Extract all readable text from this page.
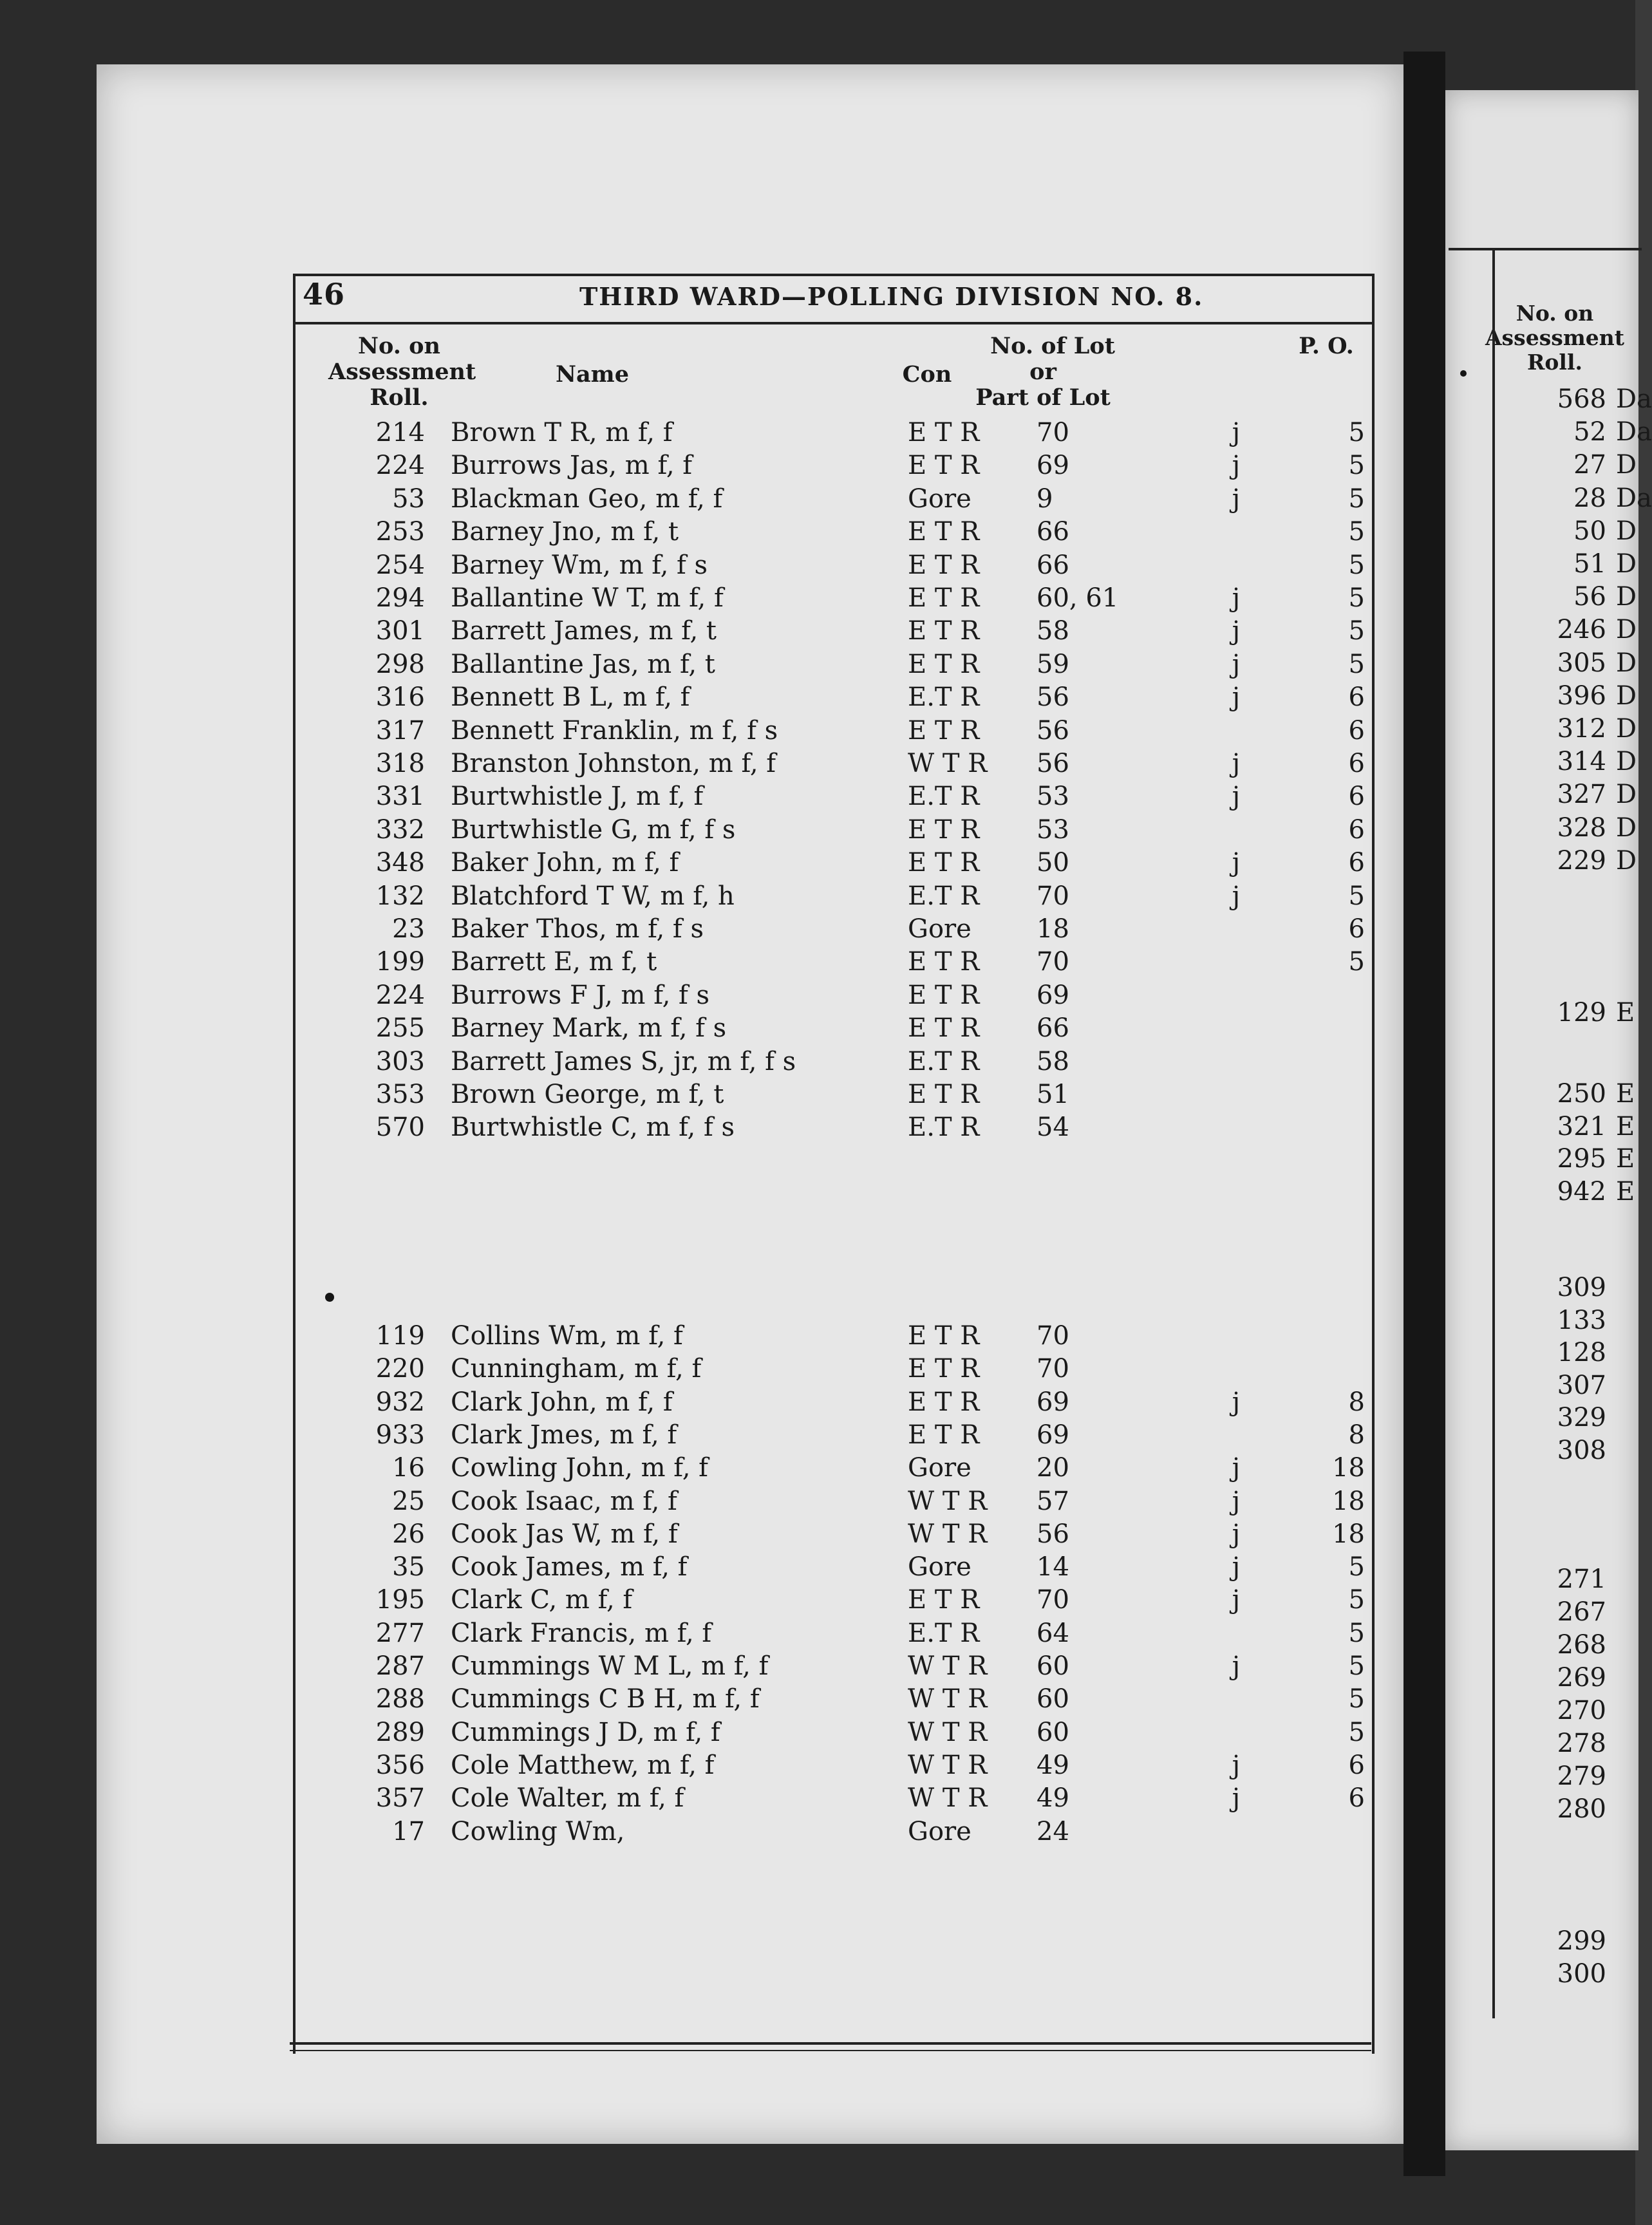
46	THIRD WARD—POLLING DIVISION NO. 8.
No. on
Assessment
Roll.
Name	Con
No. of Lot
or
Part of Lot
P. O.
214 Brown T R, m f, f	E T R 70	j	5
224 Burrows Jas, m f, f	E T R 69	j	5
53 Blackman Geo, m f, f	Gore	9	j	5
253 Barney Jno, m f, t	E T R 66	5
254 Barney Wm, m f, f s	E T R 66	5
294 Ballantine W T, m f, f	E T R 60, 61	j	5
301 Barrett James, m f, t	E T R 58	j	5
298 Ballantine Jas, m f, t	E T R 59	j	5
316 Bennett B L, m f, f	E.T R 56	j	6
317 Bennett Franklin, m f, f s	E T R 56	6
318 Branston Johnston, m f, f	W T R 56	j	6
331 Burtwhistle J, m f, f	E.T R 53	j	6
332 Burtwhistle G, m f, f s	E T R 53	6
348 Baker John, m f, f	E T R 50	j	6
132 Blatchford T W, m f, h	E.T R 70	j	5
23 Baker Thos, m f, f s	Gore	18	6
199 Barrett E, m f, t	E T R 70	5
224 Burrows F J, m f, f s	E T R 69
255 Barney Mark, m f, f s	E T R 66
303 Barrett James S, jr, m f, f s	E.T R 58
353 Brown George, m f, t	E T R 51
570 Burtwhistle C, m f, f s	E.T R 54
119 Collins Wm, m f, f	E T R 70
220 Cunningham, m f, f	E T R 70
932 Clark John, m f, f	E T R 69	j	8
933 Clark Jmes, m f, f	E T R 69	8
16 Cowling John, m f, f	Gore	20	j	18
25 Cook Isaac, m f, f	W T R 57	j	18
26 Cook Jas W, m f, f	W T R 56	j	18
35 Cook James, m f, f	Gore	14	j	5
195 Clark C, m f, f	E T R 70	j	5
277 Clark Francis, m f, f	E.T R 64	5
287 Cummings W M L, m f, f	W T R 60	j	5
288 Cummings C B H, m f, f	W T R 60	5
289 Cummings J D, m f, f	W T R 60	5
356 Cole Matthew, m f, f	W T R 49	j	6
357 Cole Walter, m f, f	W T R 49	j	6
17 Cowling Wm,	Gore	24
No. on
Assessment
Roll.
568 Da
52 Da
27 D
28 Da
50 D
51 D
56 D
246 D
305 D
396 D
312 D
314 D
327 D
328 D
229 D
129 E
250 E
321 E
295 E
942 E
309
133
128
307
329
308
271
267
268
269
270
278
279
280
299
300
